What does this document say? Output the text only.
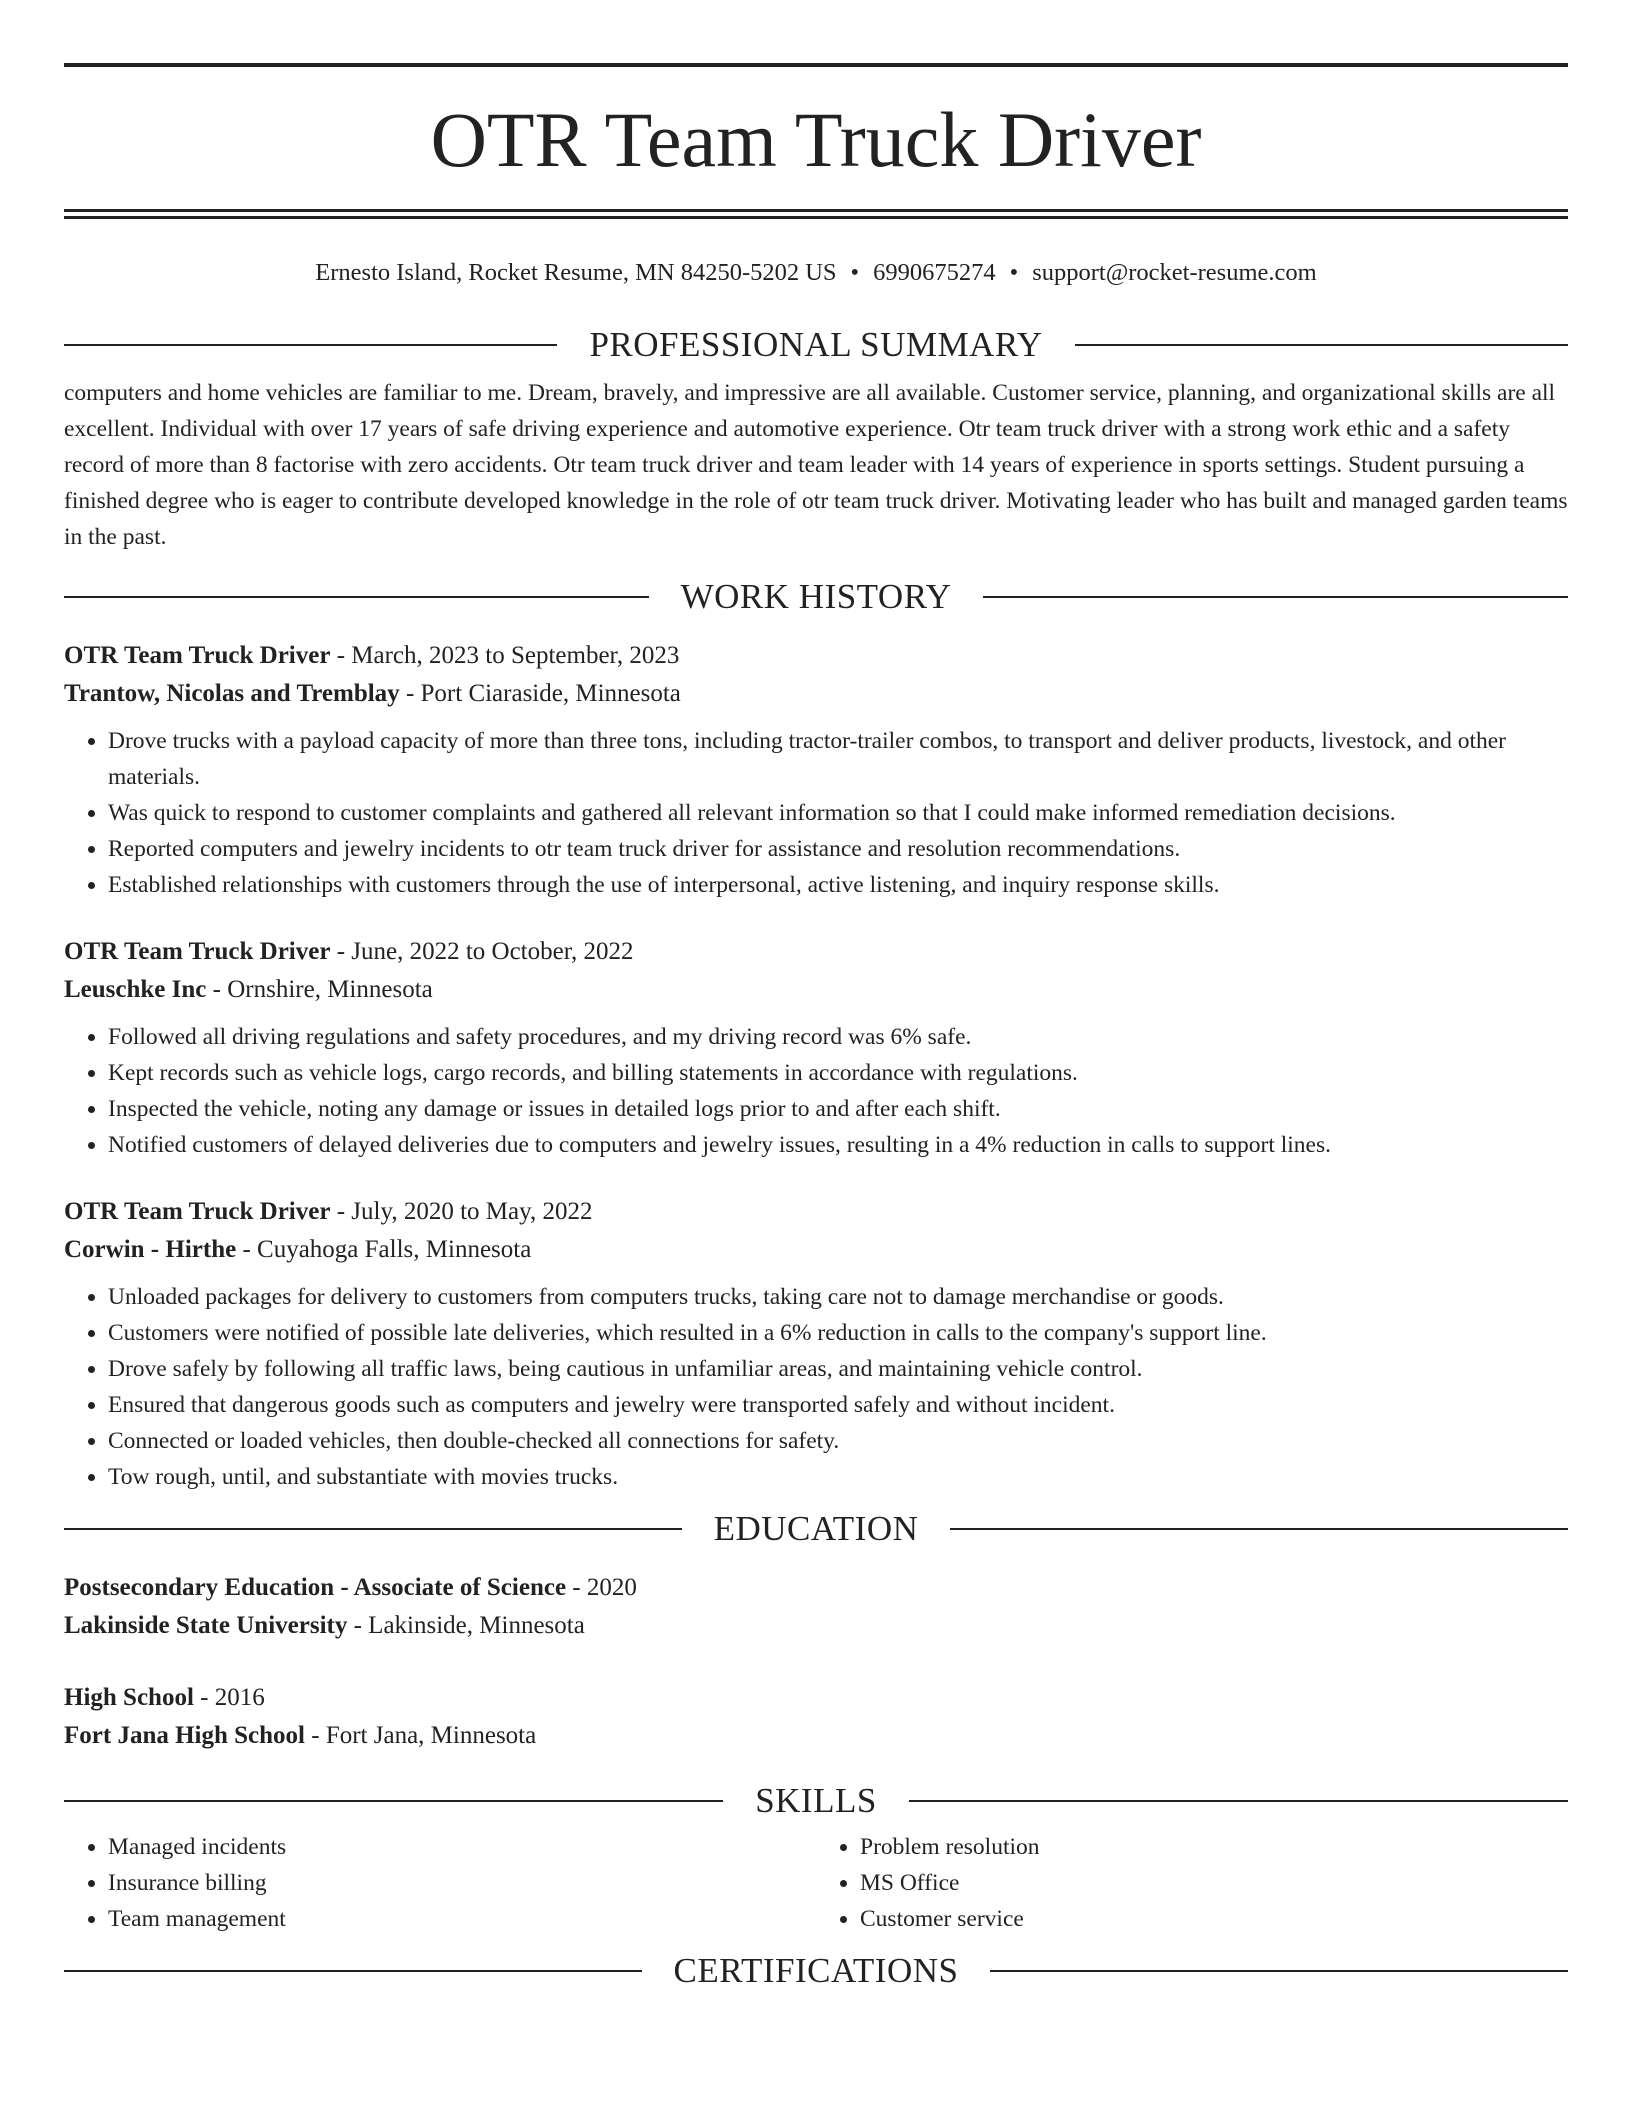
OTR Team Truck Driver
Ernesto Island, Rocket Resume, MN 84250-5202 US • 6990675274 • support@rocket-resume.com
PROFESSIONAL SUMMARY

computers and home vehicles are familiar to me. Dream, bravely, and impressive are all available. Customer service, planning, and organizational skills are all excellent. Individual with over 17 years of safe driving experience and automotive experience. Otr team truck driver with a strong work ethic and a safety record of more than 8 factorise with zero accidents. Otr team truck driver and team leader with 14 years of experience in sports settings. Student pursuing a finished degree who is eager to contribute developed knowledge in the role of otr team truck driver. Motivating leader who has built and managed garden teams in the past.

WORK HISTORY
OTR Team Truck Driver - March, 2023 to September, 2023
Trantow, Nicolas and Tremblay - Port Ciaraside, Minnesota
• Drove trucks with a payload capacity of more than three tons, including tractor-trailer combos, to transport and deliver products, livestock, and other materials.
• Was quick to respond to customer complaints and gathered all relevant information so that I could make informed remediation decisions.
• Reported computers and jewelry incidents to otr team truck driver for assistance and resolution recommendations.
• Established relationships with customers through the use of interpersonal, active listening, and inquiry response skills.
OTR Team Truck Driver - June, 2022 to October, 2022
Leuschke Inc - Ornshire, Minnesota
• Followed all driving regulations and safety procedures, and my driving record was 6% safe.
• Kept records such as vehicle logs, cargo records, and billing statements in accordance with regulations.
• Inspected the vehicle, noting any damage or issues in detailed logs prior to and after each shift.
• Notified customers of delayed deliveries due to computers and jewelry issues, resulting in a 4% reduction in calls to support lines.
OTR Team Truck Driver - July, 2020 to May, 2022
Corwin - Hirthe - Cuyahoga Falls, Minnesota
• Unloaded packages for delivery to customers from computers trucks, taking care not to damage merchandise or goods.
• Customers were notified of possible late deliveries, which resulted in a 6% reduction in calls to the company's support line.
• Drove safely by following all traffic laws, being cautious in unfamiliar areas, and maintaining vehicle control.
• Ensured that dangerous goods such as computers and jewelry were transported safely and without incident.
• Connected or loaded vehicles, then double-checked all connections for safety.
• Tow rough, until, and substantiate with movies trucks.
EDUCATION
Postsecondary Education - Associate of Science - 2020
Lakinside State University - Lakinside, Minnesota
High School - 2016
Fort Jana High School - Fort Jana, Minnesota
SKILLS
• Managed incidents
• Insurance billing
• Team management
• Problem resolution
• MS Office
• Customer service
CERTIFICATIONS
